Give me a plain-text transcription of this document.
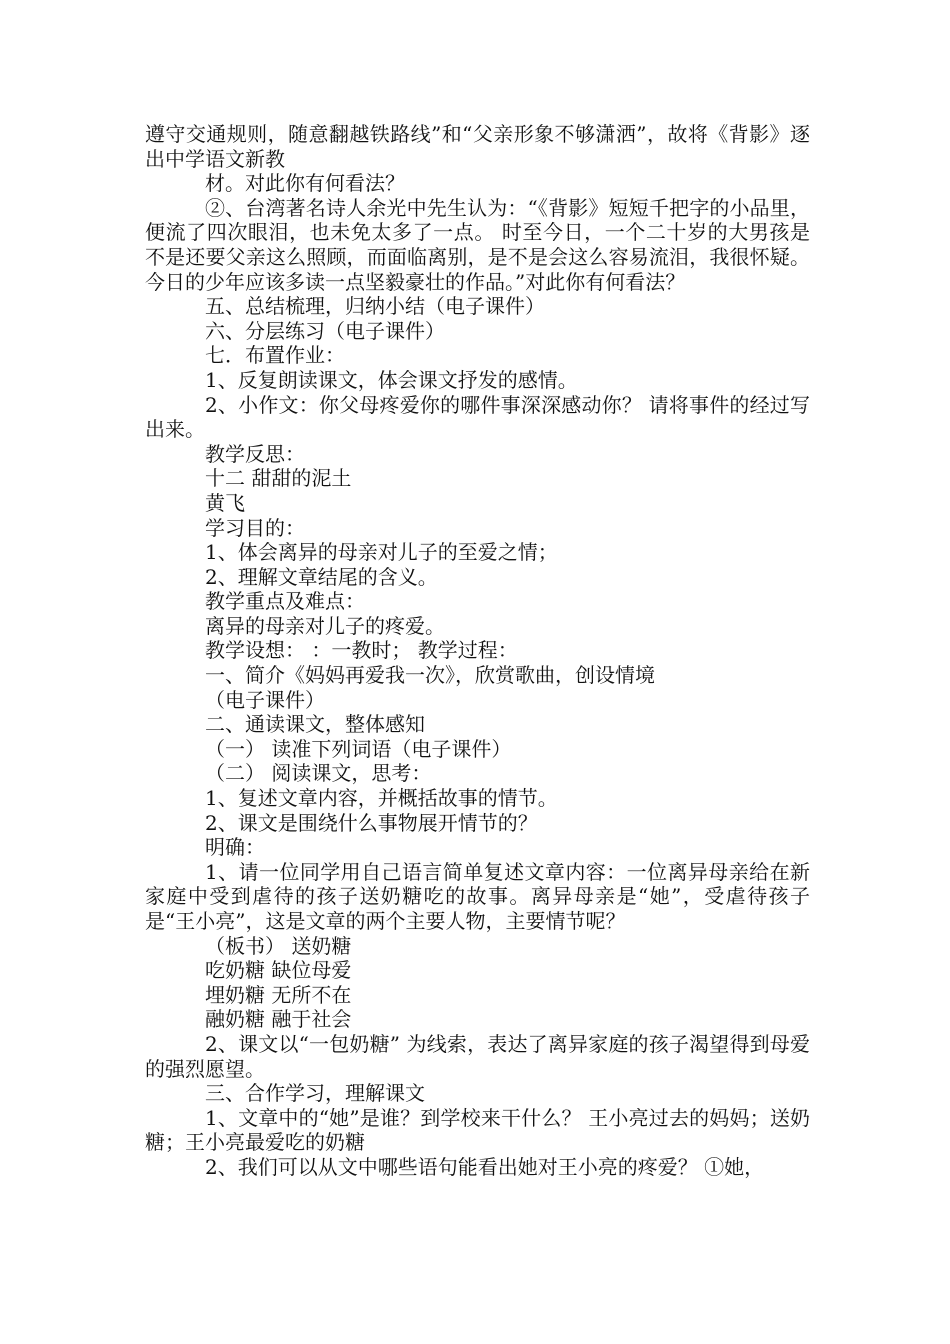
遵守交通规则，随意翻越铁路线”和“父亲形象不够潇洒”，故将《背影》逐出中学语文新教

材。对此你有何看法？

②、台湾著名诗人余光中先生认为：“《背影》短短千把字的小品里，便流了四次眼泪，也未免太多了一点。 时至今日，一个二十岁的大男孩是不是还要父亲这么照顾，而面临离别，是不是会这么容易流泪，我很怀疑。 今日的少年应该多读一点坚毅豪壮的作品。”对此你有何看法？

五、总结梳理，归纳小结（电子课件）

六、分层练习（电子课件）

七．布置作业：

1、反复朗读课文，体会课文抒发的感情。

2、小作文：你父母疼爱你的哪件事深深感动你？ 请将事件的经过写出来。

教学反思：

十二 甜甜的泥土

黄飞

学习目的：

1、体会离异的母亲对儿子的至爱之情；

2、理解文章结尾的含义。

教学重点及难点：

离异的母亲对儿子的疼爱。

教学设想： ：一教时； 教学过程：

一、简介《妈妈再爱我一次》，欣赏歌曲，创设情境

（电子课件）

二、通读课文，整体感知

（一） 读准下列词语（电子课件）

（二） 阅读课文，思考：

1、复述文章内容，并概括故事的情节。

2、课文是围绕什么事物展开情节的？

明确：

1、请一位同学用自己语言简单复述文章内容：一位离异母亲给在新家庭中受到虐待的孩子送奶糖吃的故事。离异母亲是“她”，受虐待孩子是“王小亮”，这是文章的两个主要人物，主要情节呢？

（板书） 送奶糖

吃奶糖 缺位母爱

埋奶糖 无所不在

融奶糖 融于社会

2、课文以“一包奶糖” 为线索，表达了离异家庭的孩子渴望得到母爱的强烈愿望。

三、合作学习，理解课文

1、文章中的“她”是谁？到学校来干什么？ 王小亮过去的妈妈；送奶糖；王小亮最爱吃的奶糖

2、我们可以从文中哪些语句能看出她对王小亮的疼爱？ ①她，
